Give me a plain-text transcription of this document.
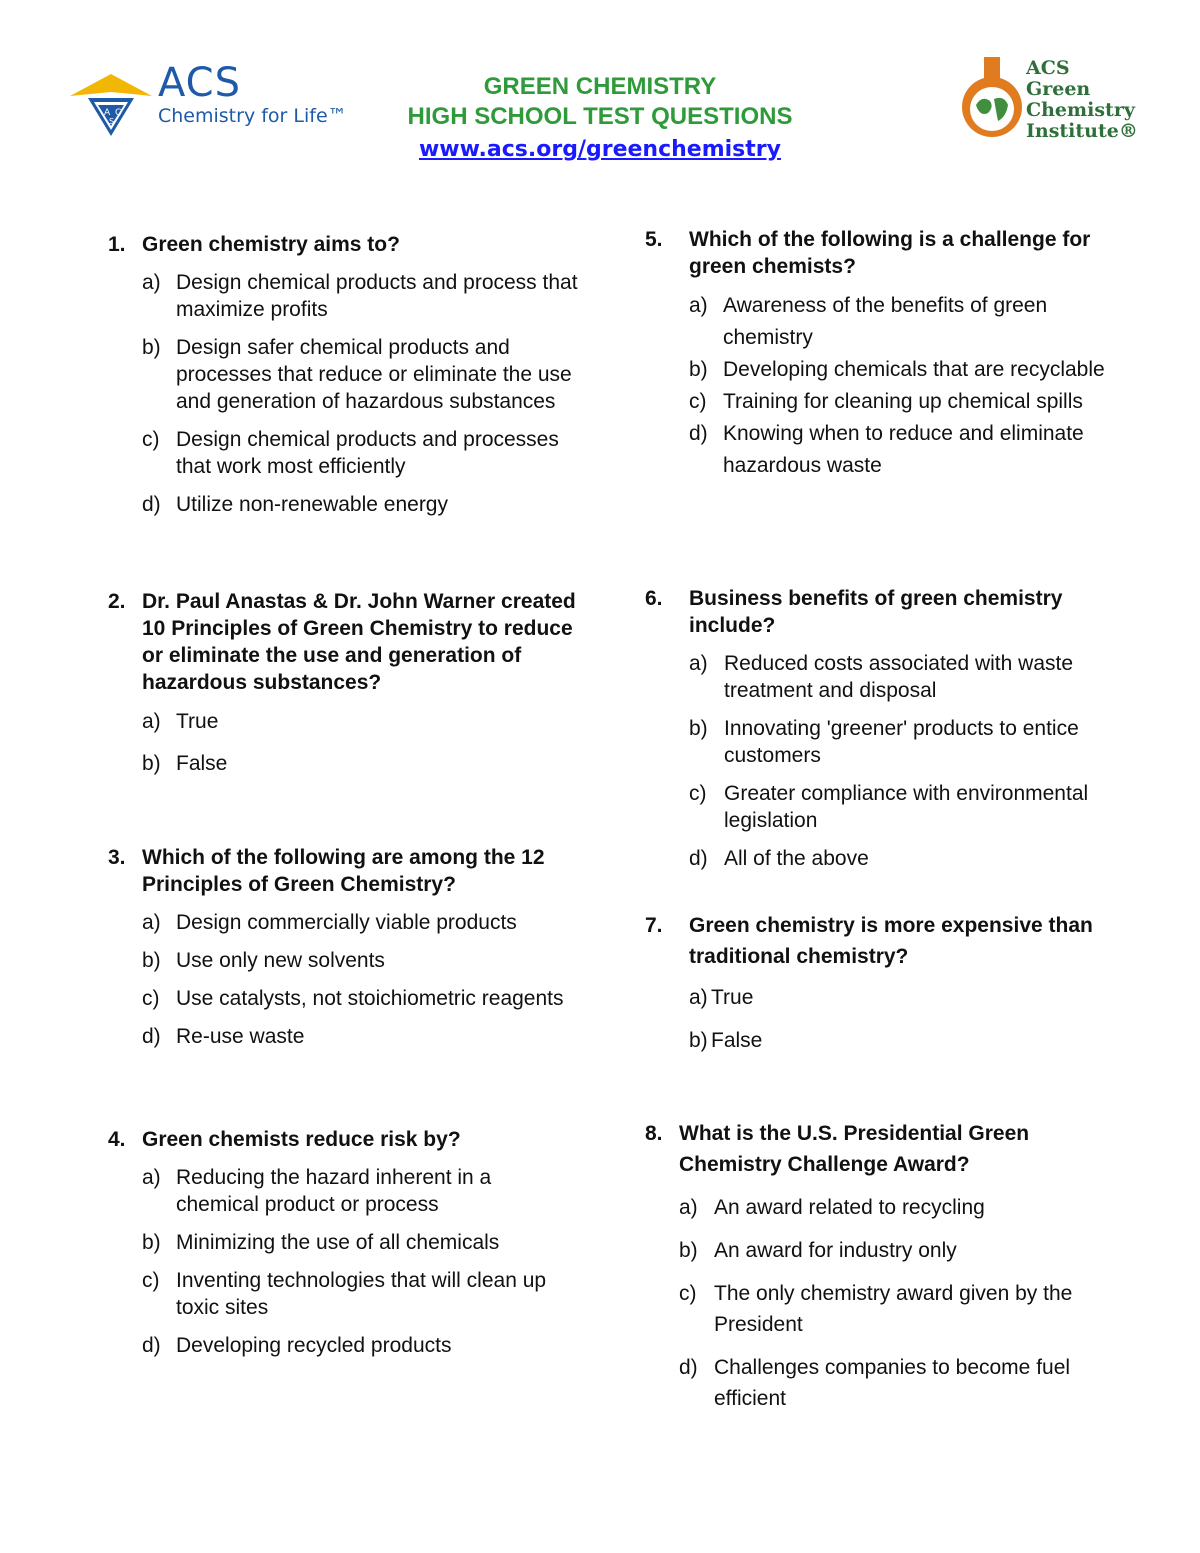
A C
S
ACS
Chemistry for Life™
GREEN CHEMISTRY
HIGH SCHOOL TEST QUESTIONS
www.acs.org/greenchemistry
ACS
Green
Chemistry
Institute®
1. Green chemistry aims to?
a) Design chemical products and process that maximize profits
b) Design safer chemical products and processes that reduce or eliminate the use and generation of hazardous substances
c) Design chemical products and processes that work most efficiently
d) Utilize non-renewable energy
2. Dr. Paul Anastas & Dr. John Warner created 10 Principles of Green Chemistry to reduce or eliminate the use and generation of hazardous substances?
a) True
b) False
3. Which of the following are among the 12 Principles of Green Chemistry?
a) Design commercially viable products
b) Use only new solvents
c) Use catalysts, not stoichiometric reagents
d) Re-use waste
4. Green chemists reduce risk by?
a) Reducing the hazard inherent in a chemical product or process
b) Minimizing the use of all chemicals
c) Inventing technologies that will clean up toxic sites
d) Developing recycled products
5. Which of the following is a challenge for green chemists?
a) Awareness of the benefits of green chemistry
b) Developing chemicals that are recyclable
c) Training for cleaning up chemical spills
d) Knowing when to reduce and eliminate hazardous waste
6. Business benefits of green chemistry include?
a) Reduced costs associated with waste treatment and disposal
b) Innovating 'greener' products to entice customers
c) Greater compliance with environmental legislation
d) All of the above
7. Green chemistry is more expensive than traditional chemistry?
a) True
b) False
8. What is the U.S. Presidential Green Chemistry Challenge Award?
a) An award related to recycling
b) An award for industry only
c) The only chemistry award given by the President
d) Challenges companies to become fuel efficient
